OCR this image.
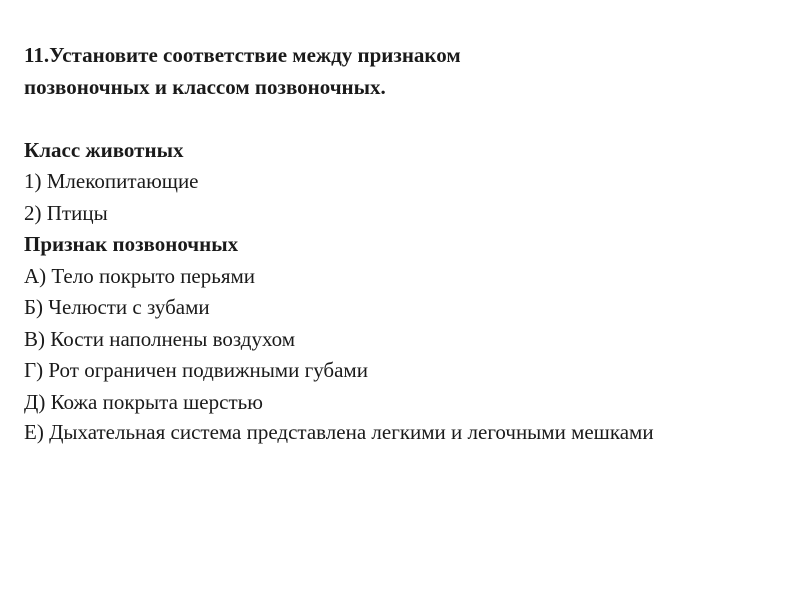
11.Установите соответствие между признаком

позвоночных и классом позвоночных.

Класс животных

1) Млекопитающие
2) Птицы

Признак позвоночных

А) Тело покрыто перьями
Б) Челюсти с зубами
В) Кости наполнены воздухом
Г) Рот ограничен подвижными губами
Д) Кожа покрыта шерстью
Е) Дыхательная система представлена легкими и легочными мешками
